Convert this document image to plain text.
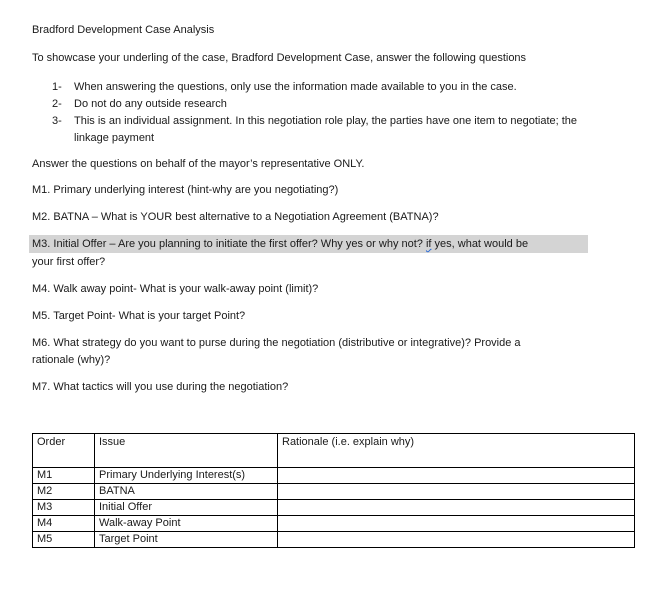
Bradford Development Case Analysis
To showcase your underling of the case, Bradford Development Case, answer the following questions
1- When answering the questions, only use the information made available to you in the case.
2- Do not do any outside research
3- This is an individual assignment. In this negotiation role play, the parties have one item to negotiate; the linkage payment
Answer the questions on behalf of the mayor’s representative ONLY.
M1. Primary underlying interest (hint-why are you negotiating?)
M2. BATNA – What is YOUR best alternative to a Negotiation Agreement (BATNA)?
M3. Initial Offer – Are you planning to initiate the first offer? Why yes or why not? if yes, what would be
your first offer?
M4. Walk away point- What is your walk-away point (limit)?
M5. Target Point- What is your target Point?
M6. What strategy do you want to purse during the negotiation (distributive or integrative)? Provide a
rationale (why)?
M7. What tactics will you use during the negotiation?
Order	Issue	Rationale (i.e. explain why)
M1	Primary Underlying Interest(s)	
M2	BATNA	
M3	Initial Offer	
M4	Walk-away Point	
M5	Target Point	
